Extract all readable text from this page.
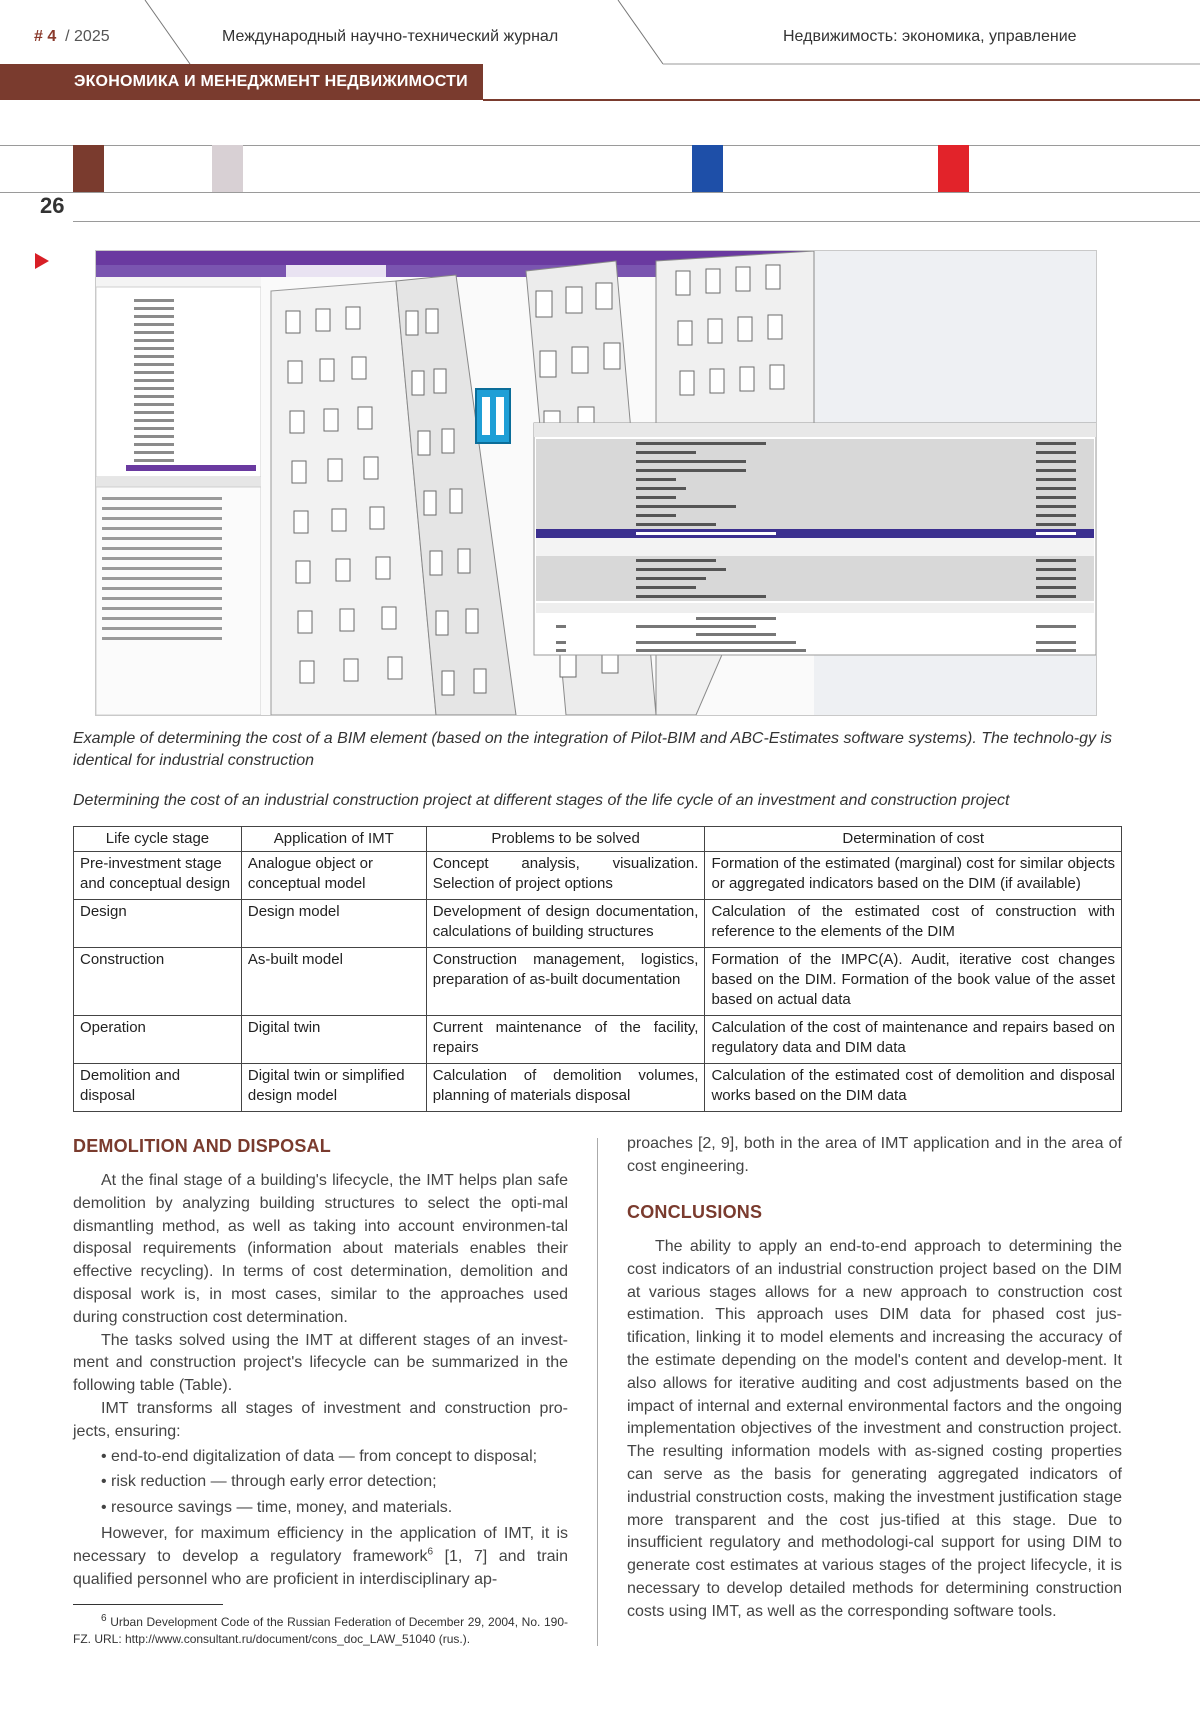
# 4 / 2025	Международный научно-технический журнал	Недвижимость: экономика, управление
ЭКОНОМИКА И МЕНЕДЖМЕНТ НЕДВИЖИМОСТИ
26
Example of determining the cost of a BIM element (based on the integration of Pilot-BIM and ABC-Estimates software systems). The technolo-gy is identical for industrial construction
Determining the cost of an industrial construction project at different stages of the life cycle of an investment and construction project
Life cycle stage	Application of IMT	Problems to be solved	Determination of cost
Pre-investment stage and conceptual design	Analogue object or conceptual model	Concept analysis, visualization. Selection of project options	Formation of the estimated (marginal) cost for similar objects or aggregated indicators based on the DIM (if available)
Design	Design model	Development of design documentation, calculations of building structures	Calculation of the estimated cost of construction with reference to the elements of the DIM
Construction	As-built model	Construction management, logistics, preparation of as-built documentation	Formation of the IMPC(A). Audit, iterative cost changes based on the DIM. Formation of the book value of the asset based on actual data
Operation	Digital twin	Current maintenance of the facility, repairs	Calculation of the cost of maintenance and repairs based on regulatory data and DIM data
Demolition and disposal	Digital twin or simplified design model	Calculation of demolition volumes, planning of materials disposal	Calculation of the estimated cost of demolition and disposal works based on the DIM data
DEMOLITION AND DISPOSAL

At the final stage of a building's lifecycle, the IMT helps plan safe demolition by analyzing building structures to select the opti-mal dismantling method, as well as taking into account environmen-tal disposal requirements (information about materials enables their effective recycling). In terms of cost determination, demolition and disposal work is, in most cases, similar to the approaches used during construction cost determination.

The tasks solved using the IMT at different stages of an invest-ment and construction project's lifecycle can be summarized in the following table (Table).

IMT transforms all stages of investment and construction pro-jects, ensuring:

• end-to-end digitalization of data — from concept to disposal;
• risk reduction — through early error detection;
• resource savings — time, money, and materials.

However, for maximum efficiency in the application of IMT, it is necessary to develop a regulatory framework$^6$ [1, 7] and train qualified personnel who are proficient in interdisciplinary ap-

$^6$ Urban Development Code of the Russian Federation of December 29, 2004, No. 190-FZ. URL: http://www.consultant.ru/document/cons_doc_LAW_51040 (rus.).

proaches [2, 9], both in the area of IMT application and in the area of cost engineering.

CONCLUSIONS

The ability to apply an end-to-end approach to determining the cost indicators of an industrial construction project based on the DIM at various stages allows for a new approach to construction cost estimation. This approach uses DIM data for phased cost jus-tification, linking it to model elements and increasing the accuracy of the estimate depending on the model's content and develop-ment. It also allows for iterative auditing and cost adjustments based on the impact of internal and external environmental factors and the ongoing implementation objectives of the investment and construction project. The resulting information models with as-signed costing properties can serve as the basis for generating aggregated indicators of industrial construction costs, making the investment justification stage more transparent and the cost jus-tified at this stage. Due to insufficient regulatory and methodologi-cal support for using DIM to generate cost estimates at various stages of the project lifecycle, it is necessary to develop detailed methods for determining construction costs using IMT, as well as the corresponding software tools.
